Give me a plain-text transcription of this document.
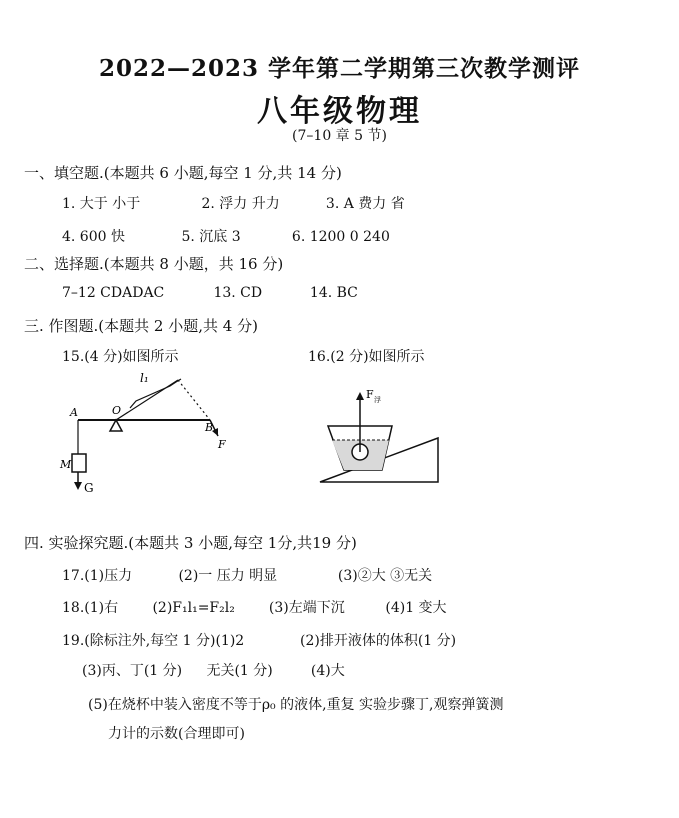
2022—2023 学年第二学期第三次教学测评
八年级物理
(7–10 章 5 节)
一、填空题.(本题共 6 小题,每空 1 分,共 14 分)
1. 大于 小于	2. 浮力 升力	3. A 费力 省
4. 600 快	5. 沉底 3	6. 1200 0 240
二、选择题.(本题共 8 小题，共 16 分)
7–12 CDADAC	13. CD	14. BC
三. 作图题.(本题共 2 小题,共 4 分)
15.(4 分)如图所示	16.(2 分)如图所示
l₁
A	O
B
F
M
G
F 浮
四. 实验探究题.(本题共 3 小题,每空 1分,共19 分)
17.(1)压力	(2)一 压力 明显	(3)②大 ③无关
18.(1)右 (2)F₁l₁=F₂l₂ (3)左端下沉	(4)1 变大
19.(除标注外,每空 1 分)(1)2	(2)排开液体的体积(1 分)
(3)丙、丁(1 分) 无关(1 分)	(4)大
(5)在烧杯中装入密度不等于ρ₀ 的液体,重复 实验步骤丁,观察弹簧测
力计的示数(合理即可)
